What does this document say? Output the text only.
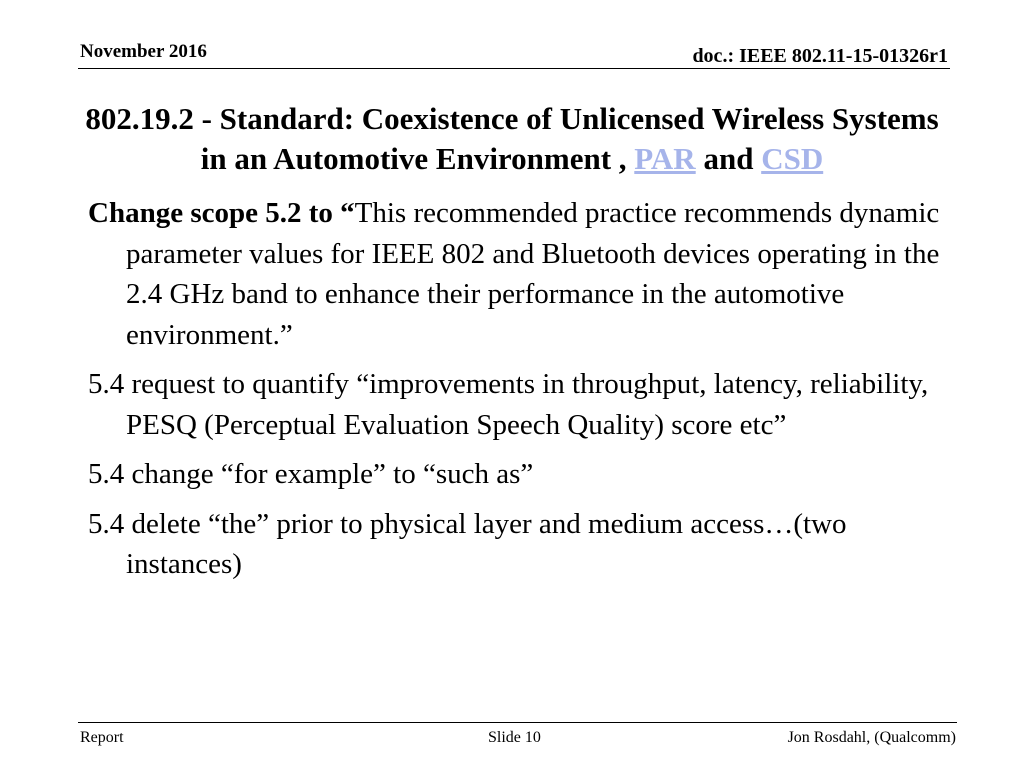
November 2016	doc.: IEEE 802.11-15-01326r1
802.19.2 - Standard: Coexistence of Unlicensed Wireless Systems in an Automotive Environment , PAR and CSD
Change scope 5.2 to “This recommended practice recommends dynamic parameter values for IEEE 802 and Bluetooth devices operating in the 2.4 GHz band to enhance their performance in the automotive environment.”
5.4 request to quantify “improvements in throughput, latency, reliability, PESQ (Perceptual Evaluation Speech Quality) score etc”
5.4 change “for example” to “such as”
5.4 delete “the” prior to physical layer and medium access…(two instances)
Report	Slide 10	Jon Rosdahl, (Qualcomm)
